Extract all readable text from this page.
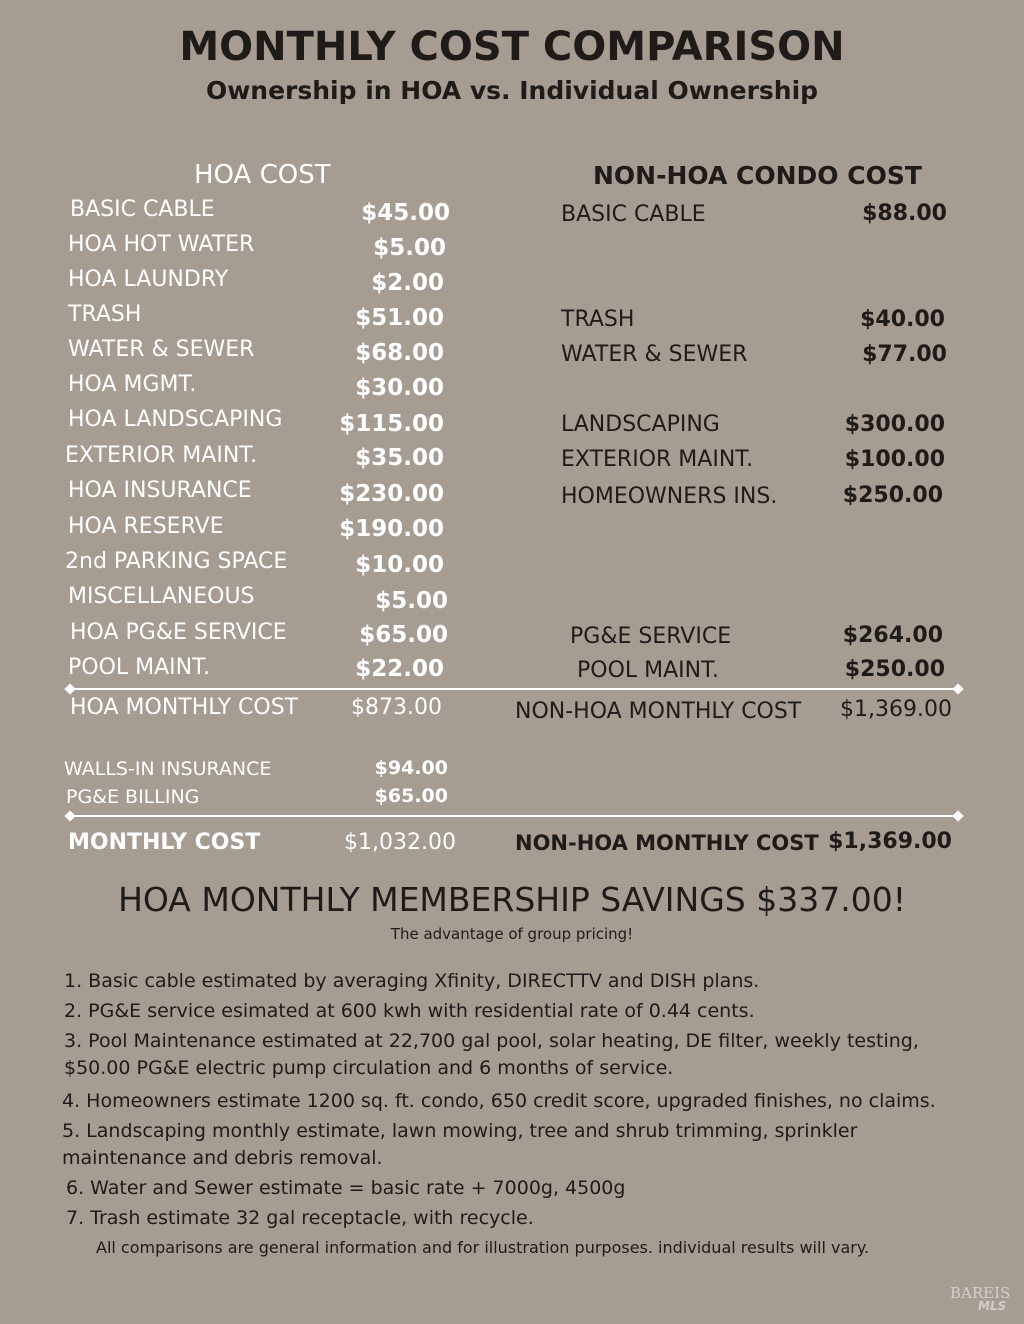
MONTHLY COST COMPARISON
Ownership in HOA vs. Individual Ownership
HOA COST
BASIC CABLE	$45.00
HOA HOT WATER	$5.00
HOA LAUNDRY	$2.00
TRASH	$51.00
WATER & SEWER	$68.00
HOA MGMT.	$30.00
HOA LANDSCAPING	$115.00
EXTERIOR MAINT.	$35.00
HOA INSURANCE	$230.00
HOA RESERVE	$190.00
2nd PARKING SPACE	$10.00
MISCELLANEOUS	$5.00
HOA PG&E SERVICE	$65.00
POOL MAINT.	$22.00
NON-HOA CONDO COST
BASIC CABLE	$88.00
TRASH	$40.00
WATER & SEWER	$77.00
LANDSCAPING	$300.00
EXTERIOR MAINT.	$100.00
HOMEOWNERS INS.	$250.00
PG&E SERVICE	$264.00
POOL MAINT.	$250.00
HOA MONTHLY COST	$873.00	NON-HOA MONTHLY COST	$1,369.00
WALLS-IN INSURANCE	$94.00
PG&E BILLING	$65.00
MONTHLY COST	$1,032.00	NON-HOA MONTHLY COST $1,369.00
HOA MONTHLY MEMBERSHIP SAVINGS $337.00!
The advantage of group pricing!
1. Basic cable estimated by averaging Xfinity, DIRECTTV and DISH plans.
2. PG&E service esimated at 600 kwh with residential rate of 0.44 cents.
3. Pool Maintenance estimated at 22,700 gal pool, solar heating, DE filter, weekly testing,
$50.00 PG&E electric pump circulation and 6 months of service.
4. Homeowners estimate 1200 sq. ft. condo, 650 credit score, upgraded finishes, no claims.
5. Landscaping monthly estimate, lawn mowing, tree and shrub trimming, sprinkler
maintenance and debris removal.
6. Water and Sewer estimate = basic rate + 7000g, 4500g
7. Trash estimate 32 gal receptacle, with recycle.
All comparisons are general information and for illustration purposes. individual results will vary.
BAREIS
MLS
